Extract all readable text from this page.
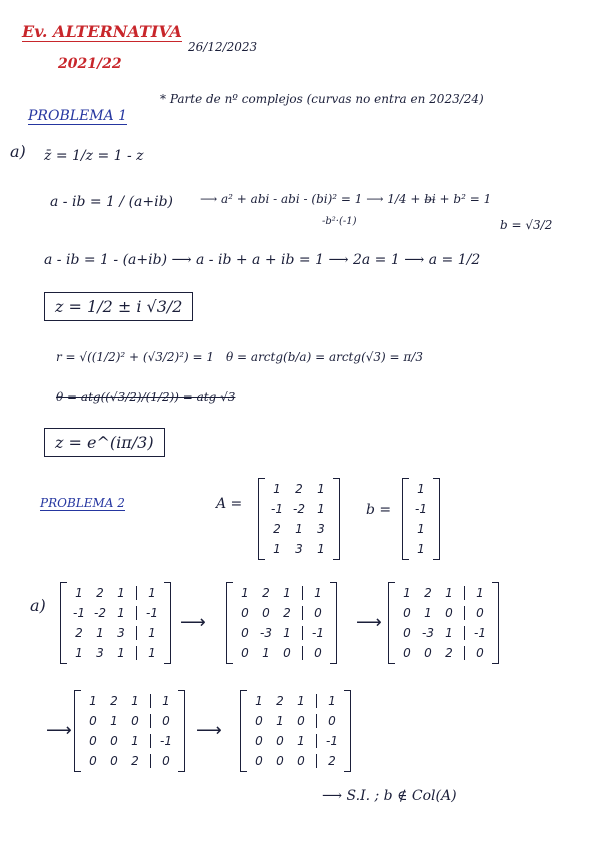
Ev. ALTERNATIVA
2021/22
26/12/2023
PROBLEMA 1
* Parte de nº complejos (curvas no entra en 2023/24)
a) z̄ = 1/z = 1 - z
a - ib = 1 / (a+ib) ⟶ a² + abi - abi - (bi)² = 1 ⟶ 1/4 + b̶i̶ + b² = 1
-b²·(-1)	b = √3/2
a - ib = 1 - (a+ib) ⟶ a - ib + a + ib = 1 ⟶ 2a = 1 ⟶ a = 1/2
z = 1/2 ± i √3/2
r = √((1/2)² + (√3/2)²) = 1 θ = arctg(b/a) = arctg(√3) = π/3
θ = atg((√3/2)/(1/2)) = atg √3
z = e^(iπ/3)
PROBLEMA 2	A =
1 2 1
-1 -2 1
2 1 3
1 3 1
b =
1
-1
1
1
a)
1 2 1 1
-1 -2 1 -1
2 1 3 1
1 3 1 1
1 2 1 1
0 0 2 0
0 -3 1 -1
0 1 0 0
1 2 1 1
0 1 0 0
0 -3 1 -1
0 0 2 0
1 2 1 1
0 1 0 0
0 0 1 -1
0 0 2 0
1 2 1 1
0 1 0 0
0 0 1 -1
0 0 0 2
⟶	⟶
⟶	⟶
⟶ S.I. ; b ∉ Col(A)
